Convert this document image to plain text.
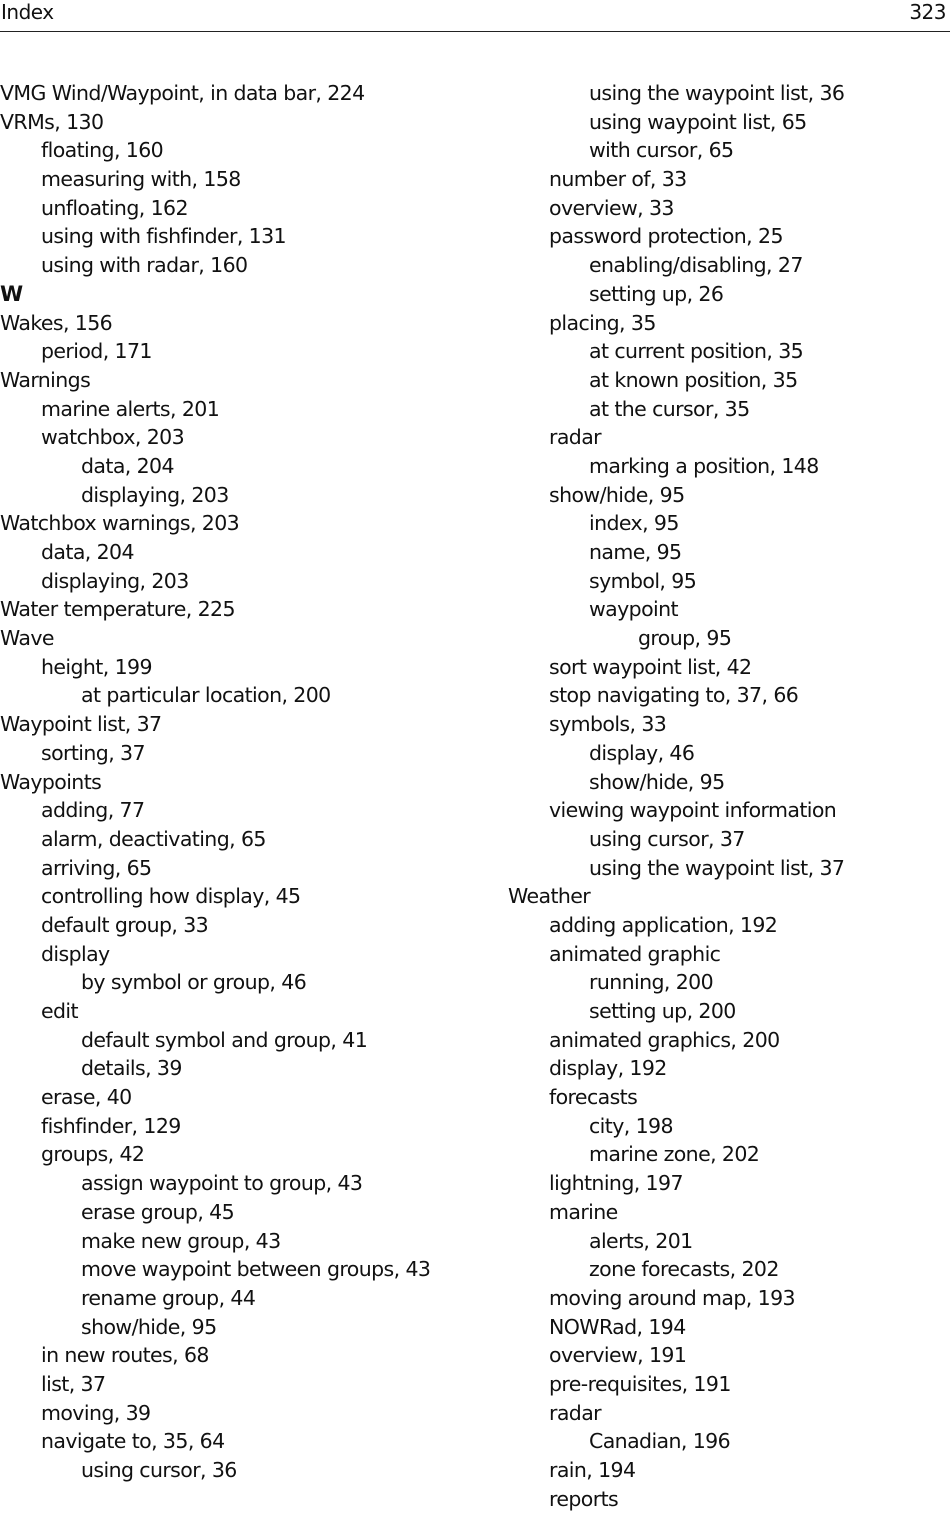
Index	323
VMG Wind/Waypoint, in data bar, 224
VRMs, 130
floating, 160
measuring with, 158
unfloating, 162
using with fishfinder, 131
using with radar, 160
W
Wakes, 156
period, 171
Warnings
marine alerts, 201
watchbox, 203
data, 204
displaying, 203
Watchbox warnings, 203
data, 204
displaying, 203
Water temperature, 225
Wave
height, 199
at particular location, 200
Waypoint list, 37
sorting, 37
Waypoints
adding, 77
alarm, deactivating, 65
arriving, 65
controlling how display, 45
default group, 33
display
by symbol or group, 46
edit
default symbol and group, 41
details, 39
erase, 40
fishfinder, 129
groups, 42
assign waypoint to group, 43
erase group, 45
make new group, 43
move waypoint between groups, 43
rename group, 44
show/hide, 95
in new routes, 68
list, 37
moving, 39
navigate to, 35, 64
using cursor, 36
using the waypoint list, 36
using waypoint list, 65
with cursor, 65
number of, 33
overview, 33
password protection, 25
enabling/disabling, 27
setting up, 26
placing, 35
at current position, 35
at known position, 35
at the cursor, 35
radar
marking a position, 148
show/hide, 95
index, 95
name, 95
symbol, 95
waypoint
group, 95
sort waypoint list, 42
stop navigating to, 37, 66
symbols, 33
display, 46
show/hide, 95
viewing waypoint information
using cursor, 37
using the waypoint list, 37
Weather
adding application, 192
animated graphic
running, 200
setting up, 200
animated graphics, 200
display, 192
forecasts
city, 198
marine zone, 202
lightning, 197
marine
alerts, 201
zone forecasts, 202
moving around map, 193
NOWRad, 194
overview, 191
pre-requisites, 191
radar
Canadian, 196
rain, 194
reports
